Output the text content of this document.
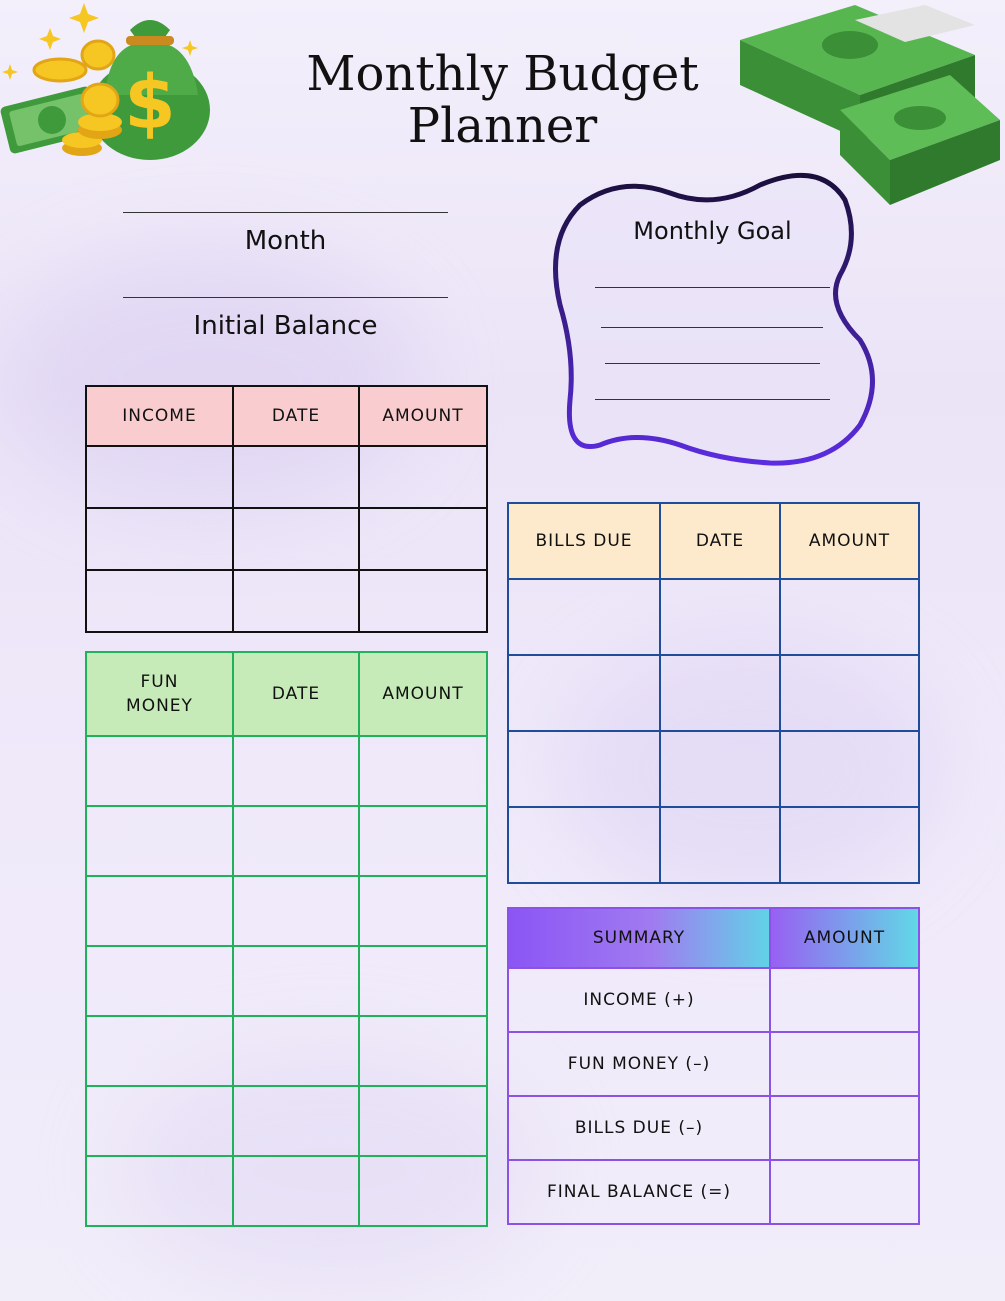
$	Monthly Budget
Planner
Month
Initial Balance
Monthly Goal
INCOME	DATE	AMOUNT

FUN MONEY	DATE	AMOUNT

BILLS DUE	DATE	AMOUNT

SUMMARY	AMOUNT
INCOME (+)	
FUN MONEY (–)	
BILLS DUE (–)	
FINAL BALANCE (=)	
